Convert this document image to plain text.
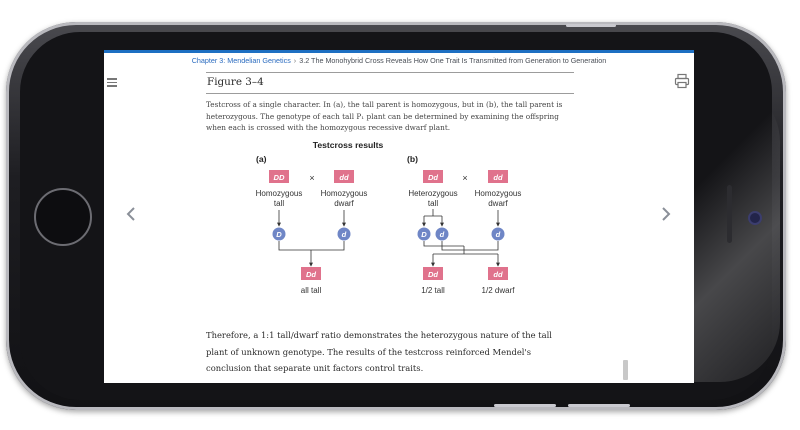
Chapter 3: Mendelian Genetics › 3.2 The Monohybrid Cross Reveals How One Trait Is Transmitted from Generation to Generation
Figure 3–4
Testcross of a single character. In (a), the tall parent is homozygous, but in (b), the tall parent is heterozygous. The genotype of each tall P₁ plant can be determined by examining the offspring when each is crossed with the homozygous recessive dwarf plant.
Testcross results
(a)
DD	×	dd
Homozygous
tall
Homozygous
dwarf
D	d
Dd
all tall
(b)
Dd	×	dd
Heterozygous
tall
Homozygous
dwarf
D d	d
Dd	dd
1/2 tall	1/2 dwarf
Therefore, a 1:1 tall/dwarf ratio demonstrates the heterozygous nature of the tall plant of unknown genotype. The results of the testcross reinforced Mendel's conclusion that separate unit factors control traits.
